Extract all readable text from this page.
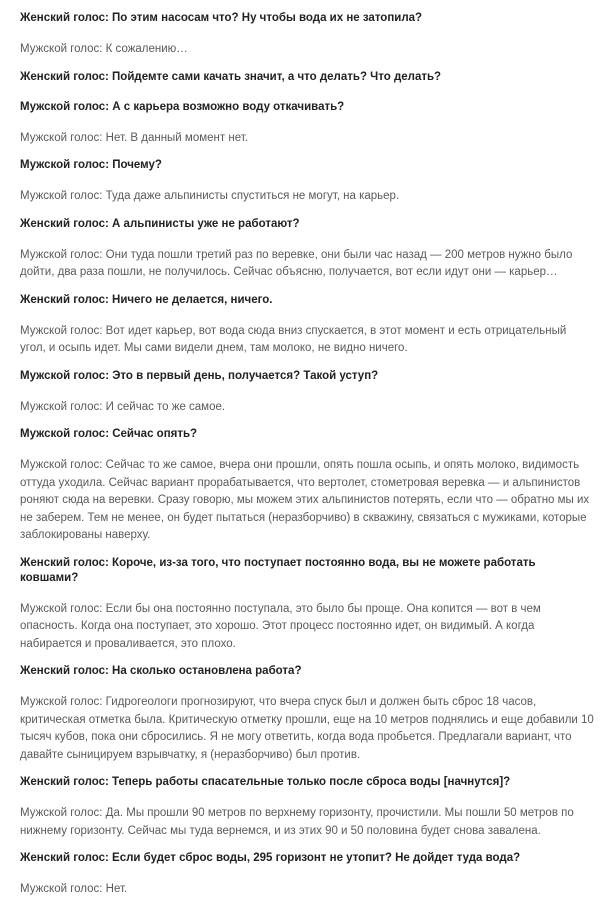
Женский голос: По этим насосам что? Ну чтобы вода их не затопила?

Мужской голос: К сожалению…

Женский голос: Пойдемте сами качать значит, а что делать? Что делать?

Мужской голос: А с карьера возможно воду откачивать?

Мужской голос: Нет. В данный момент нет.

Мужской голос: Почему?

Мужской голос: Туда даже альпинисты спуститься не могут, на карьер.

Женский голос: А альпинисты уже не работают?

Мужской голос: Они туда пошли третий раз по веревке, они были час назад — 200 метров нужно было дойти, два раза пошли, не получилось. Сейчас объясню, получается, вот если идут они — карьер…

Женский голос: Ничего не делается, ничего.

Мужской голос: Вот идет карьер, вот вода сюда вниз спускается, в этот момент и есть отрицательный угол, и осыпь идет. Мы сами видели днем, там молоко, не видно ничего.

Мужской голос: Это в первый день, получается? Такой уступ?

Мужской голос: И сейчас то же самое.

Мужской голос: Сейчас опять?

Мужской голос: Сейчас то же самое, вчера они прошли, опять пошла осыпь, и опять молоко, видимость оттуда уходила. Сейчас вариант прорабатывается, что вертолет, стометровая веревка — и альпинистов роняют сюда на веревки. Сразу говорю, мы можем этих альпинистов потерять, если что — обратно мы их не заберем. Тем не менее, он будет пытаться (неразборчиво) в скважину, связаться с мужиками, которые заблокированы наверху.

Женский голос: Короче, из-за того, что поступает постоянно вода, вы не можете работать ковшами?

Мужской голос: Если бы она постоянно поступала, это было бы проще. Она копится — вот в чем опасность. Когда она поступает, это хорошо. Этот процесс постоянно идет, он видимый. А когда набирается и проваливается, это плохо.

Женский голос: На сколько остановлена работа?

Мужской голос: Гидрогеологи прогнозируют, что вчера спуск был и должен быть сброс 18 часов, критическая отметка была. Критическую отметку прошли, еще на 10 метров поднялись и еще добавили 10 тысяч кубов, пока они сбросились. Я не могу ответить, когда вода пробьется. Предлагали вариант, что давайте сыницируем взрывчатку, я (неразборчиво) был против.

Женский голос: Теперь работы спасательные только после сброса воды [начнутся]?

Мужской голос: Да. Мы прошли 90 метров по верхнему горизонту, прочистили. Мы пошли 50 метров по нижнему горизонту. Сейчас мы туда вернемся, и из этих 90 и 50 половина будет снова завалена.

Женский голос: Если будет сброс воды, 295 горизонт не утопит? Не дойдет туда вода?

Мужской голос: Нет.
